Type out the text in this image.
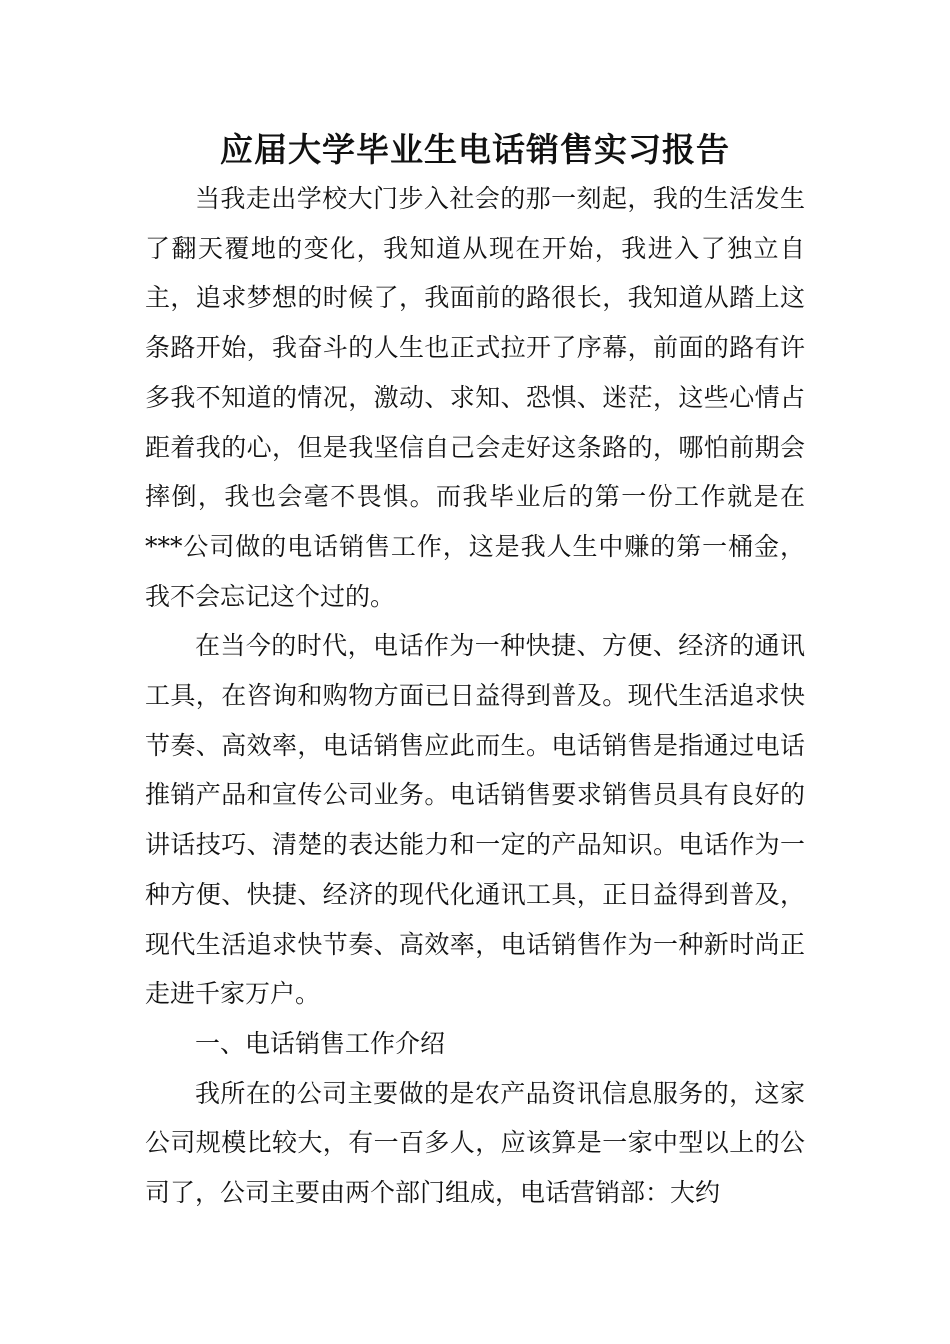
应届大学毕业生电话销售实习报告

当我走出学校大门步入社会的那一刻起，我的生活发生了翻天覆地的变化，我知道从现在开始，我进入了独立自主，追求梦想的时候了，我面前的路很长，我知道从踏上这条路开始，我奋斗的人生也正式拉开了序幕，前面的路有许多我不知道的情况，激动、求知、恐惧、迷茫，这些心情占距着我的心，但是我坚信自己会走好这条路的，哪怕前期会摔倒，我也会毫不畏惧。而我毕业后的第一份工作就是在***公司做的电话销售工作，这是我人生中赚的第一桶金，我不会忘记这个过的。

在当今的时代，电话作为一种快捷、方便、经济的通讯工具，在咨询和购物方面已日益得到普及。现代生活追求快节奏、高效率，电话销售应此而生。电话销售是指通过电话推销产品和宣传公司业务。电话销售要求销售员具有良好的讲话技巧、清楚的表达能力和一定的产品知识。电话作为一种方便、快捷、经济的现代化通讯工具，正日益得到普及，现代生活追求快节奏、高效率，电话销售作为一种新时尚正走进千家万户。

一、电话销售工作介绍

我所在的公司主要做的是农产品资讯信息服务的，这家公司规模比较大，有一百多人，应该算是一家中型以上的公司了，公司主要由两个部门组成，电话营销部：大约
